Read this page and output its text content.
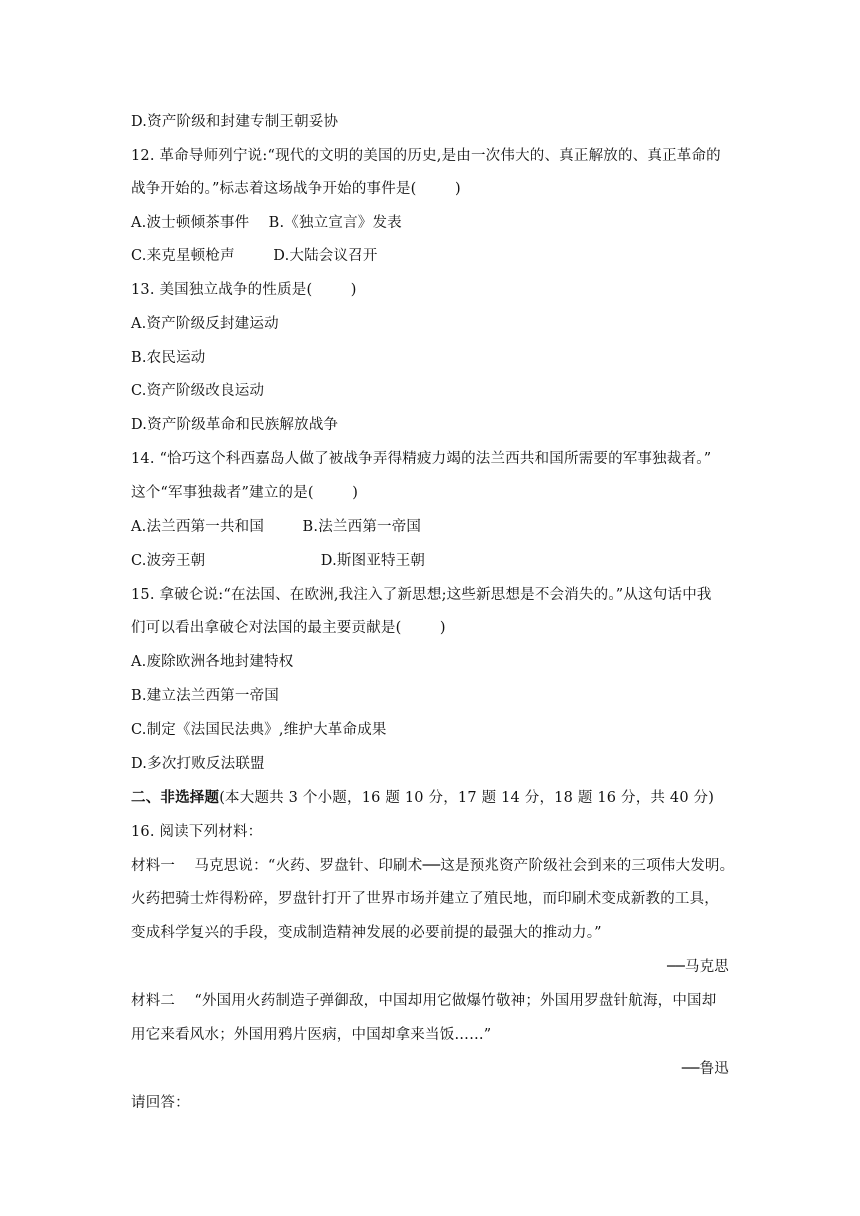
D.资产阶级和封建专制王朝妥协
12. 革命导师列宁说:“现代的文明的美国的历史,是由一次伟大的、真正解放的、真正革命的
战争开始的。”标志着这场战争开始的事件是(        )
A.波士顿倾茶事件    B.《独立宣言》发表
C.来克星顿枪声        D.大陆会议召开
13. 美国独立战争的性质是(        )
A.资产阶级反封建运动
B.农民运动
C.资产阶级改良运动
D.资产阶级革命和民族解放战争
14. “恰巧这个科西嘉岛人做了被战争弄得精疲力竭的法兰西共和国所需要的军事独裁者。”
这个“军事独裁者”建立的是(        )
A.法兰西第一共和国        B.法兰西第一帝国
C.波旁王朝                        D.斯图亚特王朝
15. 拿破仑说:“在法国、在欧洲,我注入了新思想;这些新思想是不会消失的。”从这句话中我
们可以看出拿破仑对法国的最主要贡献是(        )
A.废除欧洲各地封建特权
B.建立法兰西第一帝国
C.制定《法国民法典》,维护大革命成果
D.多次打败反法联盟
二、非选择题(本大题共 3 个小题，16 题 10 分，17 题 14 分，18 题 16 分，共 40 分)
16. 阅读下列材料：
材料一    马克思说：“火药、罗盘针、印刷术──这是预兆资产阶级社会到来的三项伟大发明。
火药把骑士炸得粉碎，罗盘针打开了世界市场并建立了殖民地，而印刷术变成新教的工具，
变成科学复兴的手段，变成制造精神发展的必要前提的最强大的推动力。”
──马克思
材料二    “外国用火药制造子弹御敌，中国却用它做爆竹敬神；外国用罗盘针航海，中国却
用它来看风水；外国用鸦片医病，中国却拿来当饭……”
──鲁迅
请回答：
